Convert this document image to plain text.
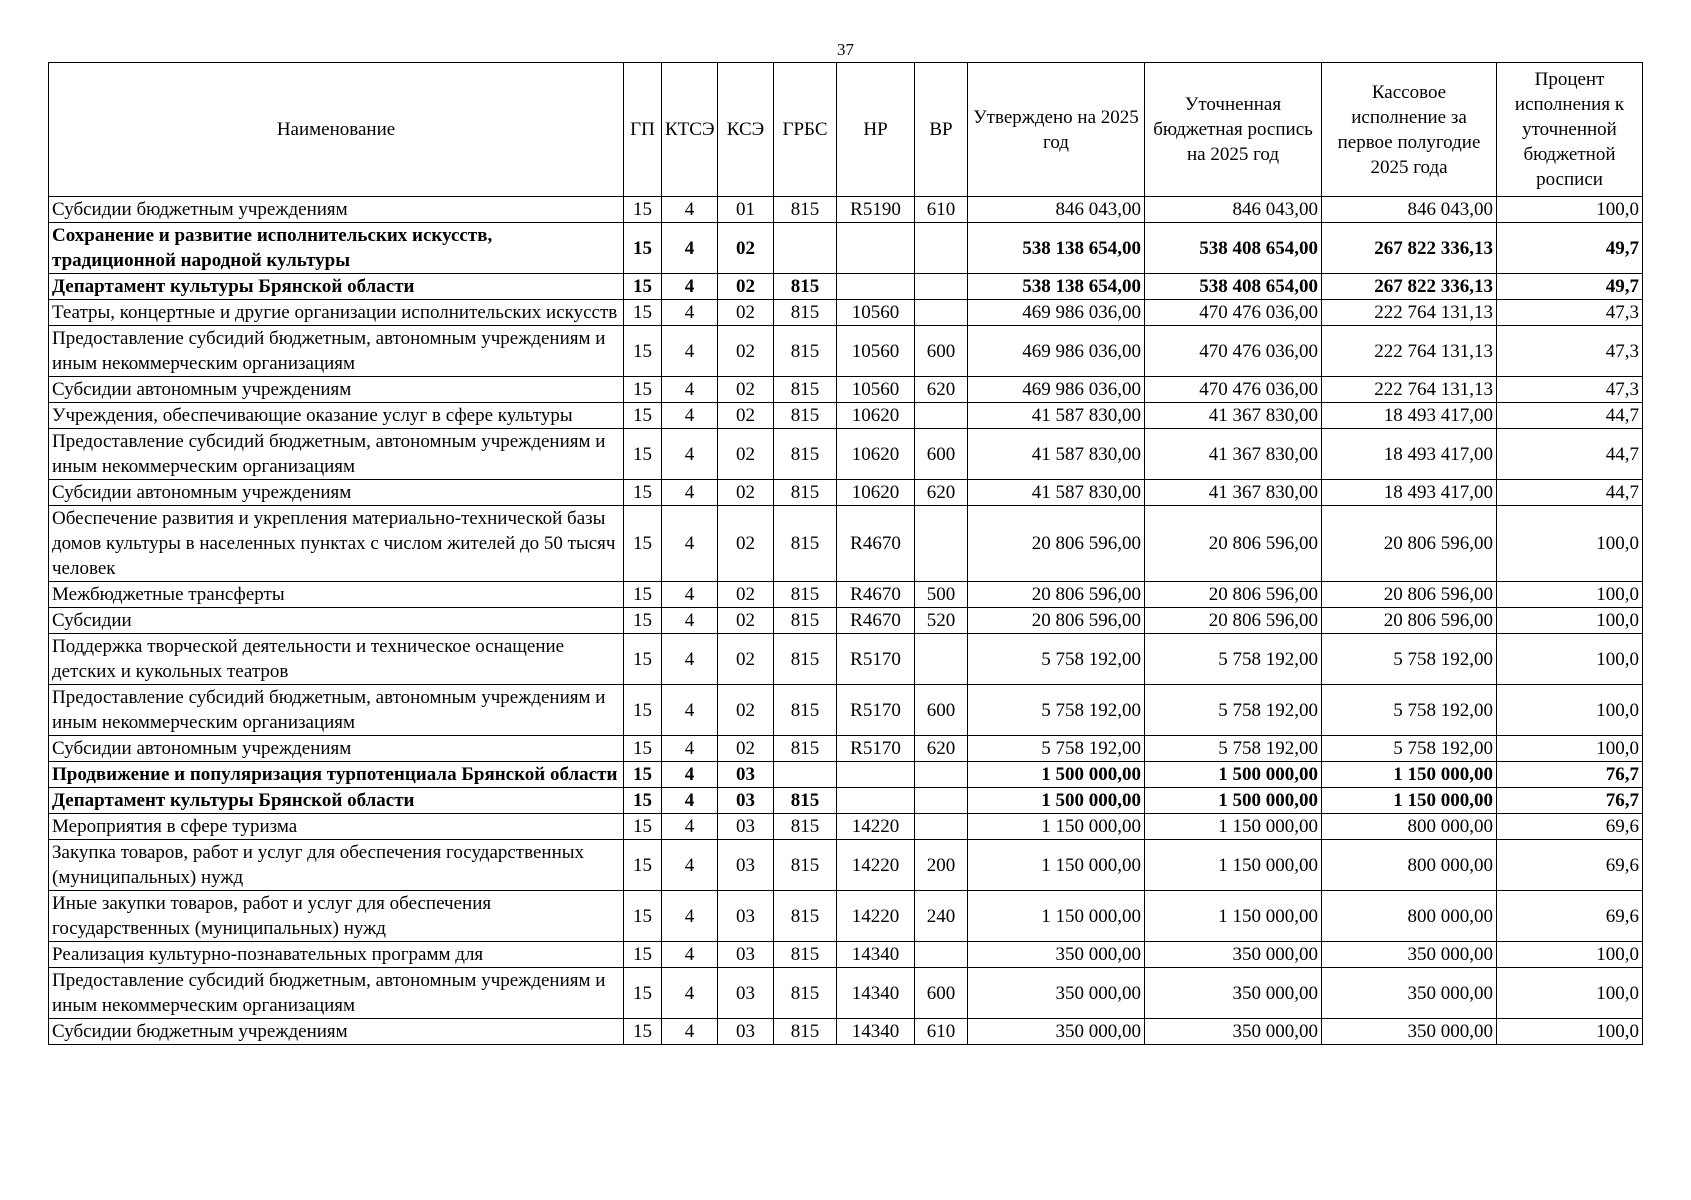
37
Наименование	ГП	КТСЭ	КСЭ	ГРБС	НР	ВР	Утверждено на 2025 год	Уточненная бюджетная роспись на 2025 год	Кассовое исполнение за первое полугодие 2025 года	Процент исполнения к уточненной бюджетной росписи
Субсидии бюджетным учреждениям	15	4	01	815	R5190	610	846 043,00	846 043,00	846 043,00	100,0
Сохранение и развитие исполнительских искусств, традиционной народной культуры	15	4	02				538 138 654,00	538 408 654,00	267 822 336,13	49,7
Департамент культуры Брянской области	15	4	02	815			538 138 654,00	538 408 654,00	267 822 336,13	49,7
Театры, концертные и другие организации исполнительских искусств	15	4	02	815	10560		469 986 036,00	470 476 036,00	222 764 131,13	47,3
Предоставление субсидий бюджетным, автономным учреждениям и иным некоммерческим организациям	15	4	02	815	10560	600	469 986 036,00	470 476 036,00	222 764 131,13	47,3
Субсидии автономным учреждениям	15	4	02	815	10560	620	469 986 036,00	470 476 036,00	222 764 131,13	47,3
Учреждения, обеспечивающие оказание услуг в сфере культуры	15	4	02	815	10620		41 587 830,00	41 367 830,00	18 493 417,00	44,7
Предоставление субсидий бюджетным, автономным учреждениям и иным некоммерческим организациям	15	4	02	815	10620	600	41 587 830,00	41 367 830,00	18 493 417,00	44,7
Субсидии автономным учреждениям	15	4	02	815	10620	620	41 587 830,00	41 367 830,00	18 493 417,00	44,7
Обеспечение развития и укрепления материально-технической базы домов культуры в населенных пунктах с числом жителей до 50 тысяч человек	15	4	02	815	R4670		20 806 596,00	20 806 596,00	20 806 596,00	100,0
Межбюджетные трансферты	15	4	02	815	R4670	500	20 806 596,00	20 806 596,00	20 806 596,00	100,0
Субсидии	15	4	02	815	R4670	520	20 806 596,00	20 806 596,00	20 806 596,00	100,0
Поддержка творческой деятельности и техническое оснащение детских и кукольных театров	15	4	02	815	R5170		5 758 192,00	5 758 192,00	5 758 192,00	100,0
Предоставление субсидий бюджетным, автономным учреждениям и иным некоммерческим организациям	15	4	02	815	R5170	600	5 758 192,00	5 758 192,00	5 758 192,00	100,0
Субсидии автономным учреждениям	15	4	02	815	R5170	620	5 758 192,00	5 758 192,00	5 758 192,00	100,0
Продвижение и популяризация турпотенциала Брянской области	15	4	03				1 500 000,00	1 500 000,00	1 150 000,00	76,7
Департамент культуры Брянской области	15	4	03	815			1 500 000,00	1 500 000,00	1 150 000,00	76,7
Мероприятия в сфере туризма	15	4	03	815	14220		1 150 000,00	1 150 000,00	800 000,00	69,6
Закупка товаров, работ и услуг для обеспечения государственных (муниципальных) нужд	15	4	03	815	14220	200	1 150 000,00	1 150 000,00	800 000,00	69,6
Иные закупки товаров, работ и услуг для обеспечения государственных (муниципальных) нужд	15	4	03	815	14220	240	1 150 000,00	1 150 000,00	800 000,00	69,6
Реализация культурно-познавательных программ для	15	4	03	815	14340		350 000,00	350 000,00	350 000,00	100,0
Предоставление субсидий бюджетным, автономным учреждениям и иным некоммерческим организациям	15	4	03	815	14340	600	350 000,00	350 000,00	350 000,00	100,0
Субсидии бюджетным учреждениям	15	4	03	815	14340	610	350 000,00	350 000,00	350 000,00	100,0
